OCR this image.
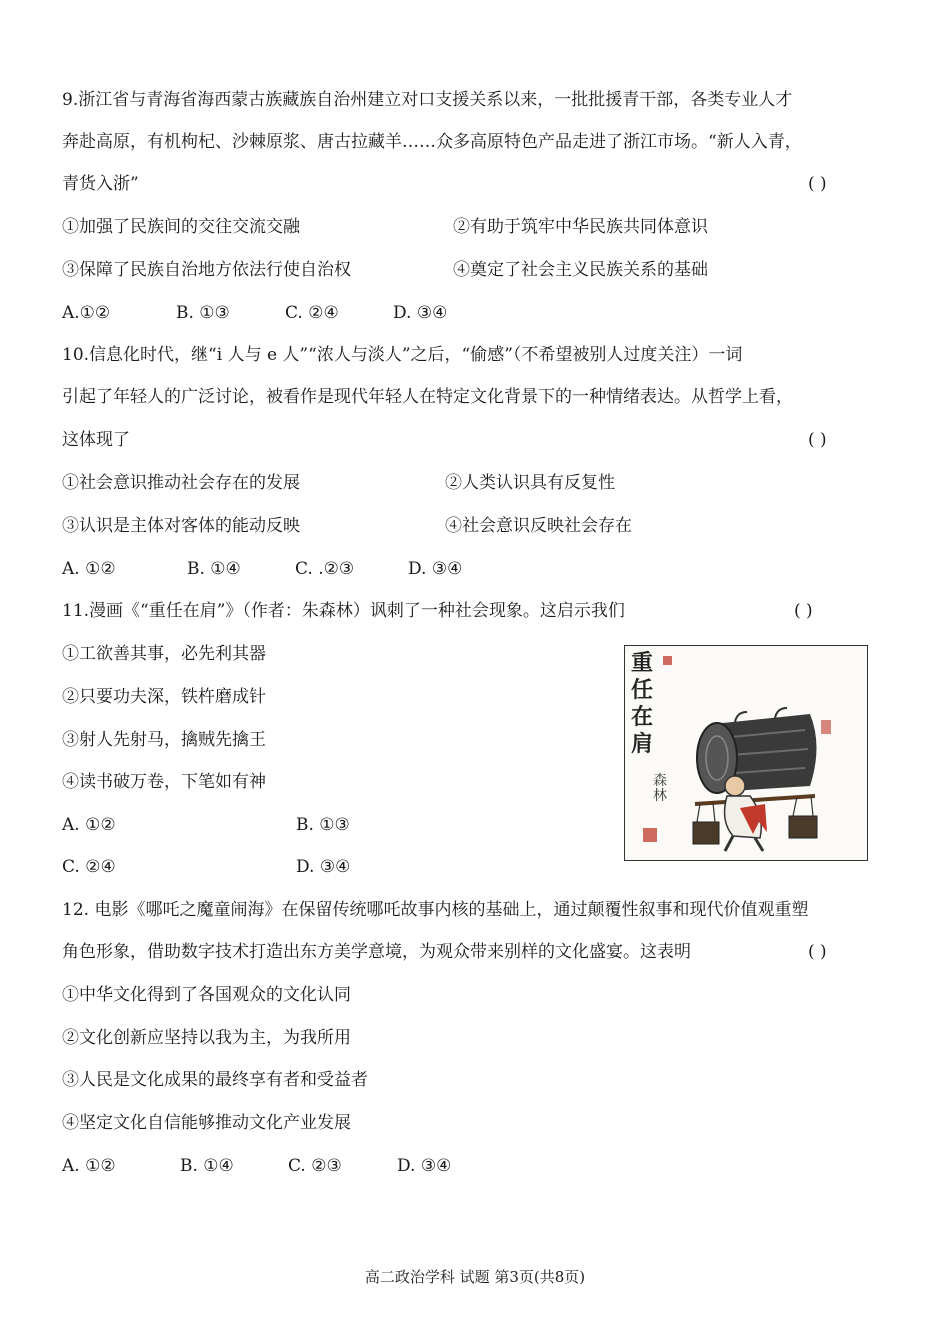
9.浙江省与青海省海西蒙古族藏族自治州建立对口支援关系以来，一批批援青干部，各类专业人才
奔赴高原，有机枸杞、沙棘原浆、唐古拉藏羊……众多高原特色产品走进了浙江市场。“新人入青，
青货入浙”	( )
①加强了民族间的交往交流交融	②有助于筑牢中华民族共同体意识
③保障了民族自治地方依法行使自治权	④奠定了社会主义民族关系的基础
A.①②	B. ①③	C. ②④	D. ③④
10.信息化时代，继“i 人与 e 人”“浓人与淡人”之后，“偷感”（不希望被别人过度关注）一词
引起了年轻人的广泛讨论，被看作是现代年轻人在特定文化背景下的一种情绪表达。从哲学上看，
这体现了	( )
①社会意识推动社会存在的发展	②人类认识具有反复性
③认识是主体对客体的能动反映	④社会意识反映社会存在
A. ①②	B. ①④	C. .②③	D. ③④
11.漫画《“重任在肩”》（作者：朱森林）讽刺了一种社会现象。这启示我们	( )
①工欲善其事，必先利其器
②只要功夫深，铁杵磨成针
③射人先射马，擒贼先擒王
④读书破万卷，下笔如有神
A. ①②	B. ①③
C. ②④	D. ③④
重任在肩
森林
12. 电影《哪吒之魔童闹海》在保留传统哪吒故事内核的基础上，通过颠覆性叙事和现代价值观重塑
角色形象，借助数字技术打造出东方美学意境，为观众带来别样的文化盛宴。这表明	( )
①中华文化得到了各国观众的文化认同
②文化创新应坚持以我为主，为我所用
③人民是文化成果的最终享有者和受益者
④坚定文化自信能够推动文化产业发展
A. ①②	B. ①④	C. ②③	D. ③④
高二政治学科 试题 第3页(共8页)
